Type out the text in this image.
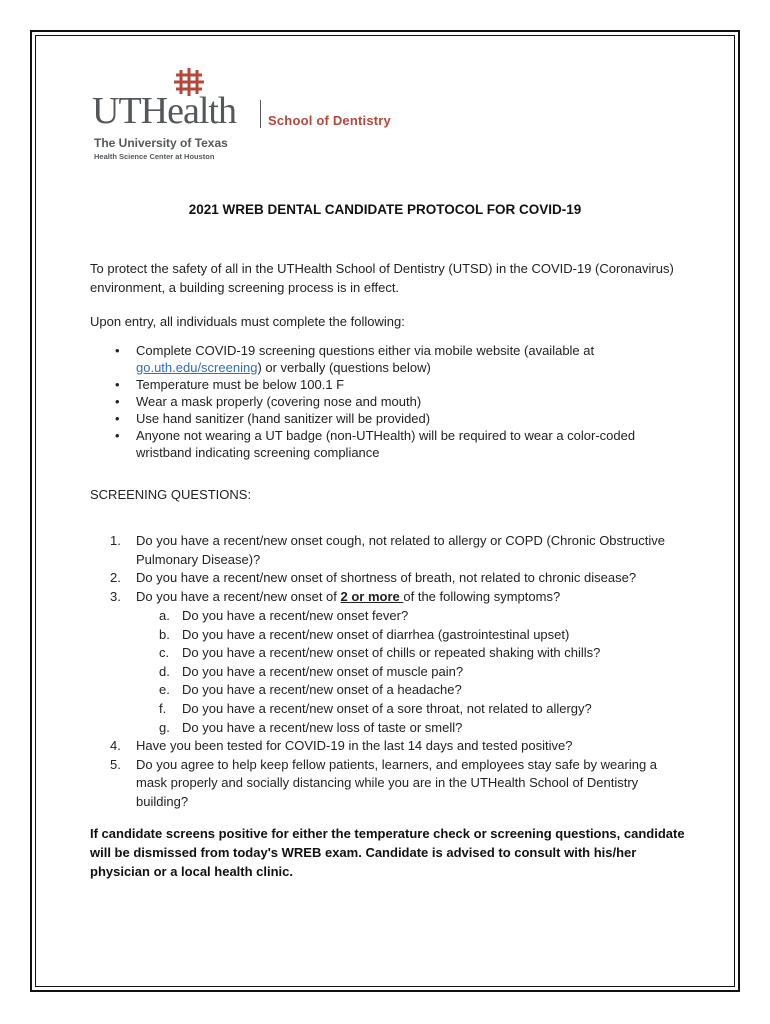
UTHealth School of Dentistry
The University of Texas
Health Science Center at Houston
2021 WREB DENTAL CANDIDATE PROTOCOL FOR COVID-19
To protect the safety of all in the UTHealth School of Dentistry (UTSD) in the COVID-19 (Coronavirus) environment, a building screening process is in effect.
Upon entry, all individuals must complete the following:
• Complete COVID-19 screening questions either via mobile website (available at go.uth.edu/screening) or verbally (questions below)
• Temperature must be below 100.1 F
• Wear a mask properly (covering nose and mouth)
• Use hand sanitizer (hand sanitizer will be provided)
• Anyone not wearing a UT badge (non-UTHealth) will be required to wear a color-coded wristband indicating screening compliance
SCREENING QUESTIONS:
1. Do you have a recent/new onset cough, not related to allergy or COPD (Chronic Obstructive Pulmonary Disease)?
2. Do you have a recent/new onset of shortness of breath, not related to chronic disease?
3. Do you have a recent/new onset of 2 or more of the following symptoms?
a. Do you have a recent/new onset fever?
b. Do you have a recent/new onset of diarrhea (gastrointestinal upset)
c. Do you have a recent/new onset of chills or repeated shaking with chills?
d. Do you have a recent/new onset of muscle pain?
e. Do you have a recent/new onset of a headache?
f. Do you have a recent/new onset of a sore throat, not related to allergy?
g. Do you have a recent/new loss of taste or smell?
4. Have you been tested for COVID-19 in the last 14 days and tested positive?
5. Do you agree to help keep fellow patients, learners, and employees stay safe by wearing a mask properly and socially distancing while you are in the UTHealth School of Dentistry building?
If candidate screens positive for either the temperature check or screening questions, candidate will be dismissed from today's WREB exam. Candidate is advised to consult with his/her physician or a local health clinic.
